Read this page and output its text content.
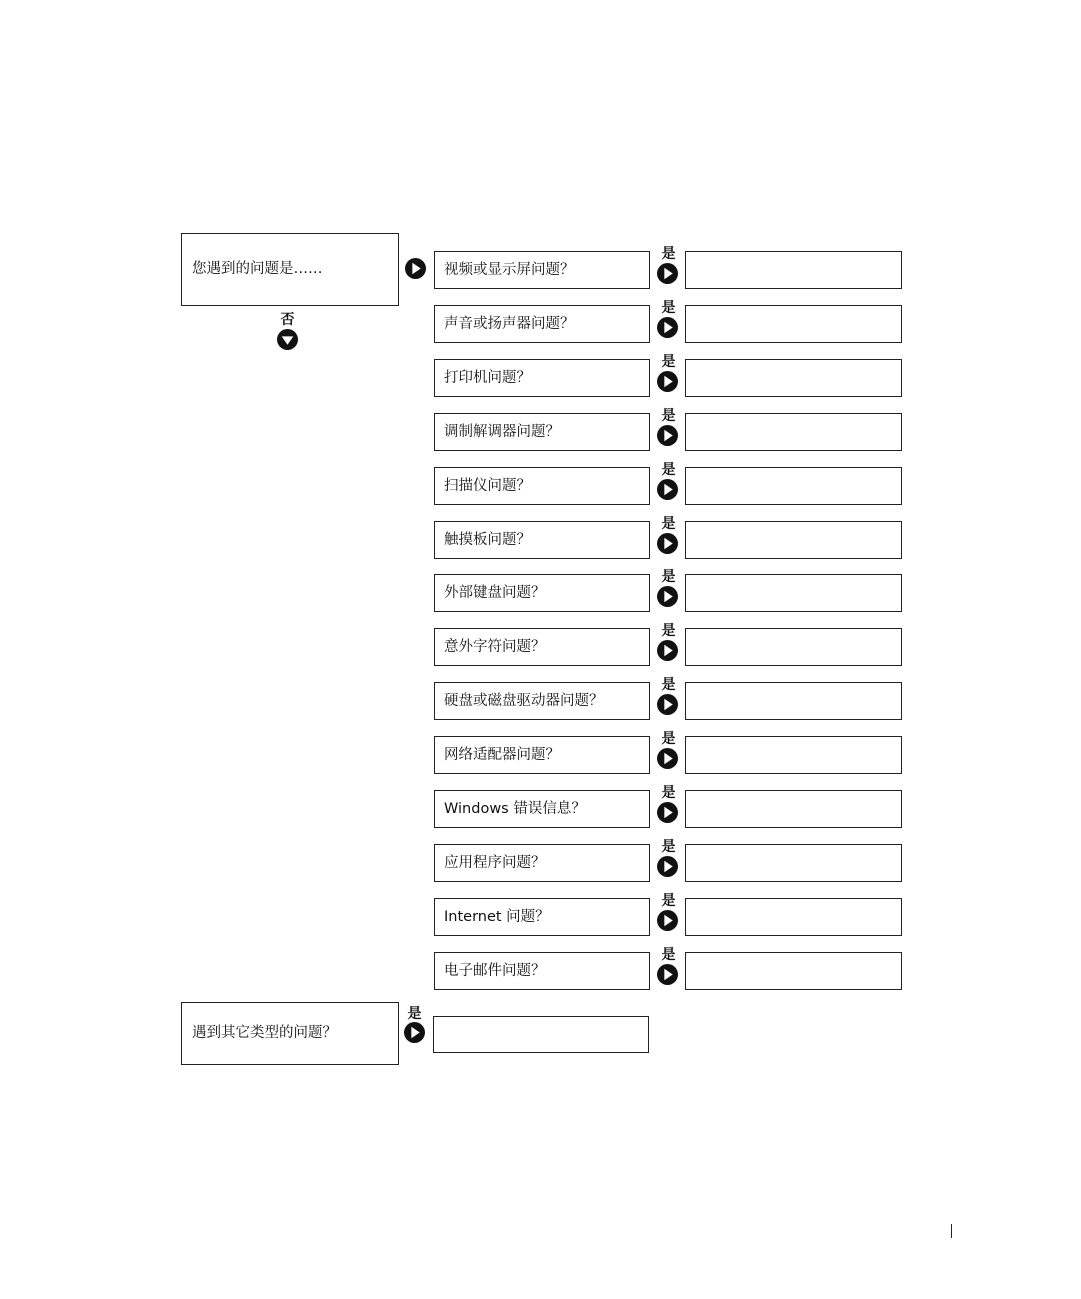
您遇到的问题是……
否
视频或显示屏问题？
是
声音或扬声器问题？
是
打印机问题？
是
调制解调器问题？
是
扫描仪问题？
是
触摸板问题？
是
外部键盘问题？
是
意外字符问题？
是
硬盘或磁盘驱动器问题？
是
网络适配器问题？
是
Windows 错误信息？
是
应用程序问题？
是
Internet 问题？
是
电子邮件问题？
是
遇到其它类型的问题？
是
